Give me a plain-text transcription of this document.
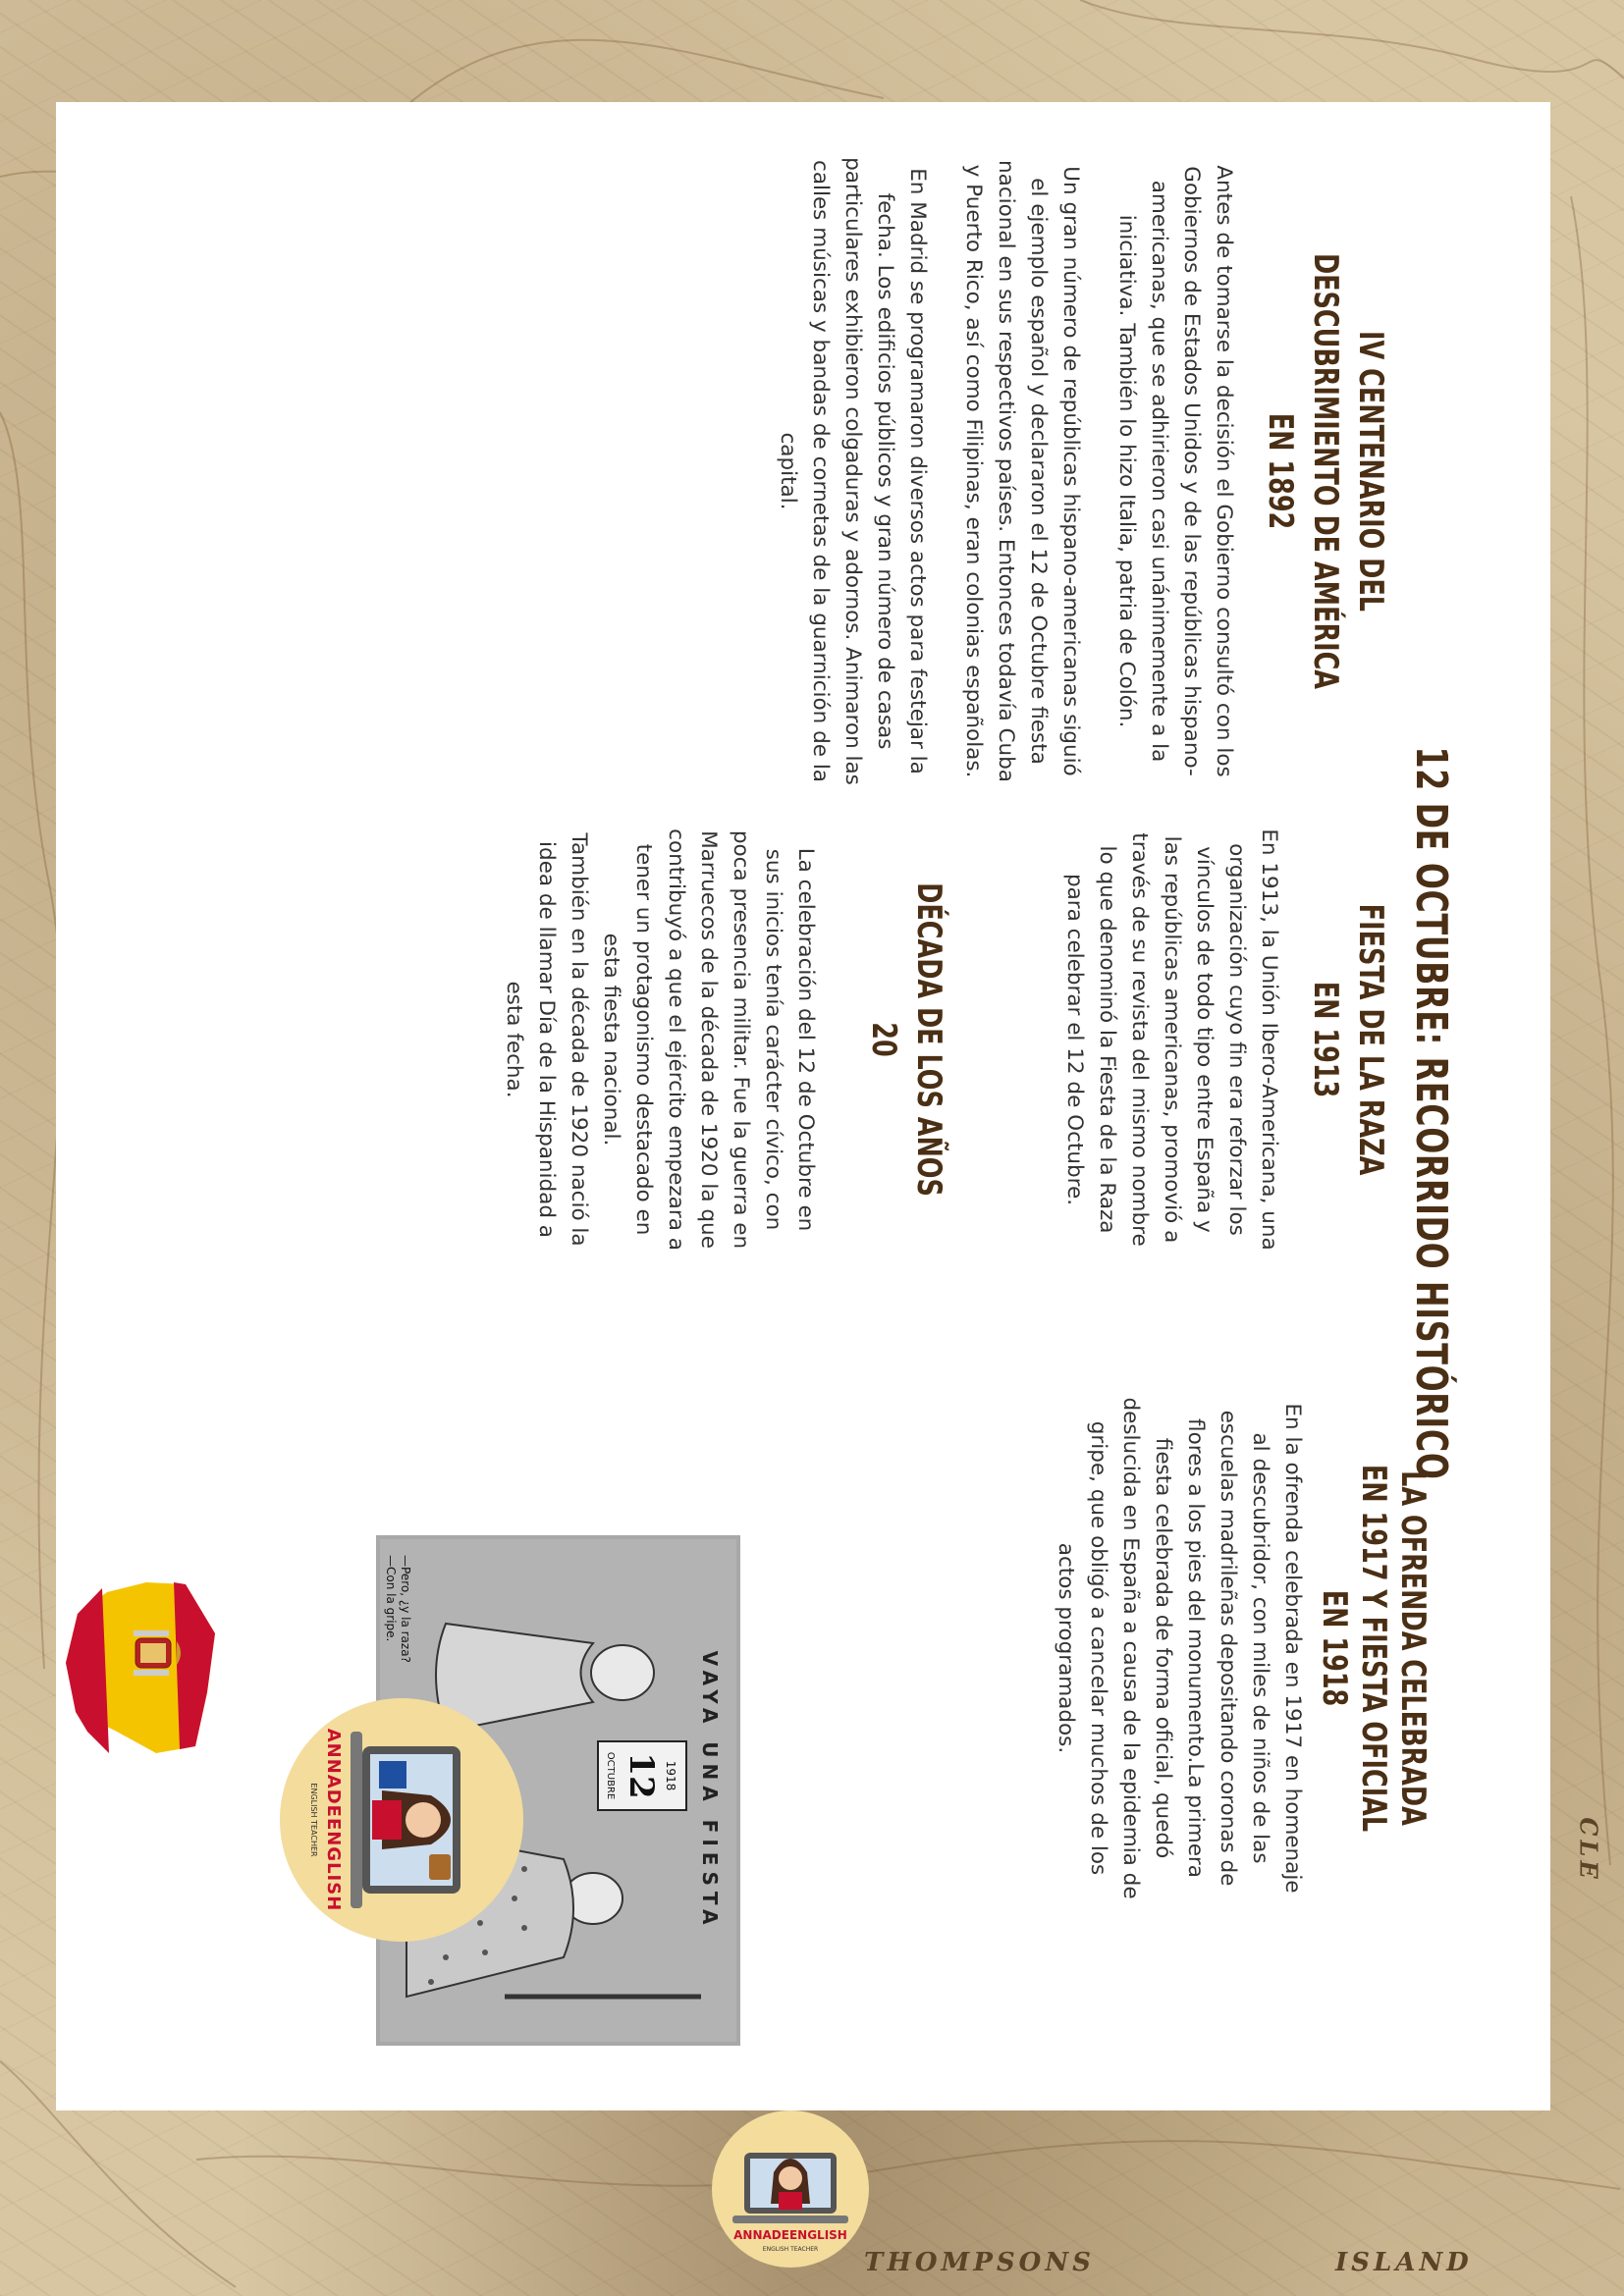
THOMPSONS	ISLAND
CLE
12 DE OCTUBRE: RECORRIDO HISTÓRICO
IV CENTENARIO DEL DESCUBRIMIENTO DE AMÉRICA EN 1892

Antes de tomarse la decisión el Gobierno consultó con los Gobiernos de Estados Unidos y de las repúblicas hispano-americanas, que se adhirieron casi unánimemente a la iniciativa. También lo hizo Italia, patria de Colón.

Un gran número de repúblicas hispano-americanas siguió el ejemplo español y declararon el 12 de Octubre fiesta nacional en sus respectivos países. Entonces todavía Cuba y Puerto Rico, así como Filipinas, eran colonias españolas.

En Madrid se programaron diversos actos para festejar la fecha. Los edificios públicos y gran número de casas particulares exhibieron colgaduras y adornos. Animaron las calles músicas y bandas de cornetas de la guarnición de la capital.

FIESTA DE LA RAZA EN 1913

En 1913, la Unión Ibero-Americana, una organización cuyo fin era reforzar los vínculos de todo tipo entre España y las repúblicas americanas, promovió a través de su revista del mismo nombre lo que denominó la Fiesta de la Raza para celebrar el 12 de Octubre.

DÉCADA DE LOS AÑOS 20

La celebración del 12 de Octubre en sus inicios tenía carácter cívico, con poca presencia militar. Fue la guerra en Marruecos de la década de 1920 la que contribuyó a que el ejército empezara a tener un protagonismo destacado en esta fiesta nacional.

También en la década de 1920 nació la idea de llamar Día de la Hispanidad a esta fecha.

LA OFRENDA CELEBRADA EN 1917 Y FIESTA OFICIAL EN 1918

En la ofrenda celebrada en 1917 en homenaje al descubridor, con miles de niños de las escuelas madrileñas depositando coronas de flores a los pies del monumento.La primera fiesta celebrada de forma oficial, quedó deslucida en España a causa de la epidemia de gripe, que obligó a cancelar muchos de los actos programados.

VAYA UNA FIESTA
1918
12
OCTUBRE
—Pero, ¿y la raza?
—Con la gripe.
ANNADEENGLISH
ENGLISH TEACHER
ANNADEENGLISH
ENGLISH TEACHER
